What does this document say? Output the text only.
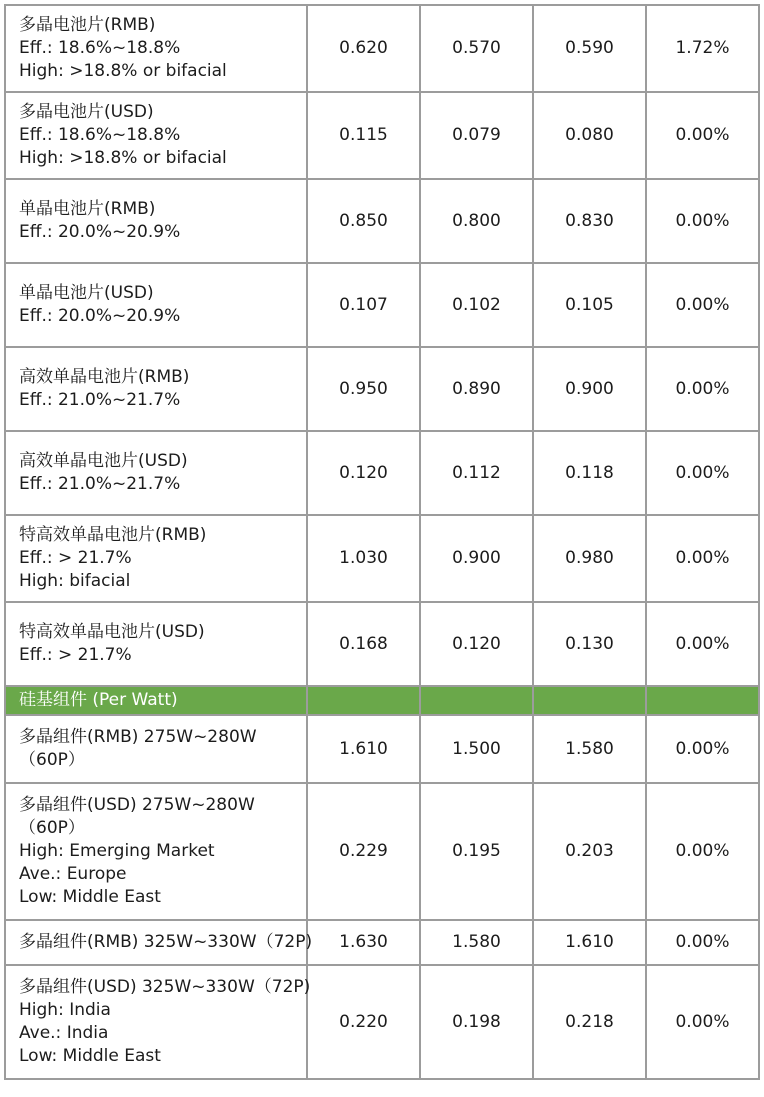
多晶电池片(RMB)
Eff.: 18.6%~18.8%
High: >18.8% or bifacial	0.620	0.570	0.590	1.72%

多晶电池片(USD)
Eff.: 18.6%~18.8%
High: >18.8% or bifacial	0.115	0.079	0.080	0.00%

单晶电池片(RMB)
Eff.: 20.0%~20.9%	0.850	0.800	0.830	0.00%

单晶电池片(USD)
Eff.: 20.0%~20.9%	0.107	0.102	0.105	0.00%

高效单晶电池片(RMB)
Eff.: 21.0%~21.7%	0.950	0.890	0.900	0.00%

高效单晶电池片(USD)
Eff.: 21.0%~21.7%	0.120	0.112	0.118	0.00%

特高效单晶电池片(RMB)
Eff.: > 21.7%
High: bifacial	1.030	0.900	0.980	0.00%

特高效单晶电池片(USD)
Eff.: > 21.7%	0.168	0.120	0.130	0.00%
硅基组件 (Per Watt)				

多晶组件(RMB) 275W~280W
（60P）	1.610	1.500	1.580	0.00%

多晶组件(USD) 275W~280W
（60P）
High: Emerging Market
Ave.: Europe
Low: Middle East	0.229	0.195	0.203	0.00%

多晶组件(RMB) 325W~330W（72P)	1.630	1.580	1.610	0.00%

多晶组件(USD) 325W~330W（72P)
High: India
Ave.: India
Low: Middle East	0.220	0.198	0.218	0.00%
